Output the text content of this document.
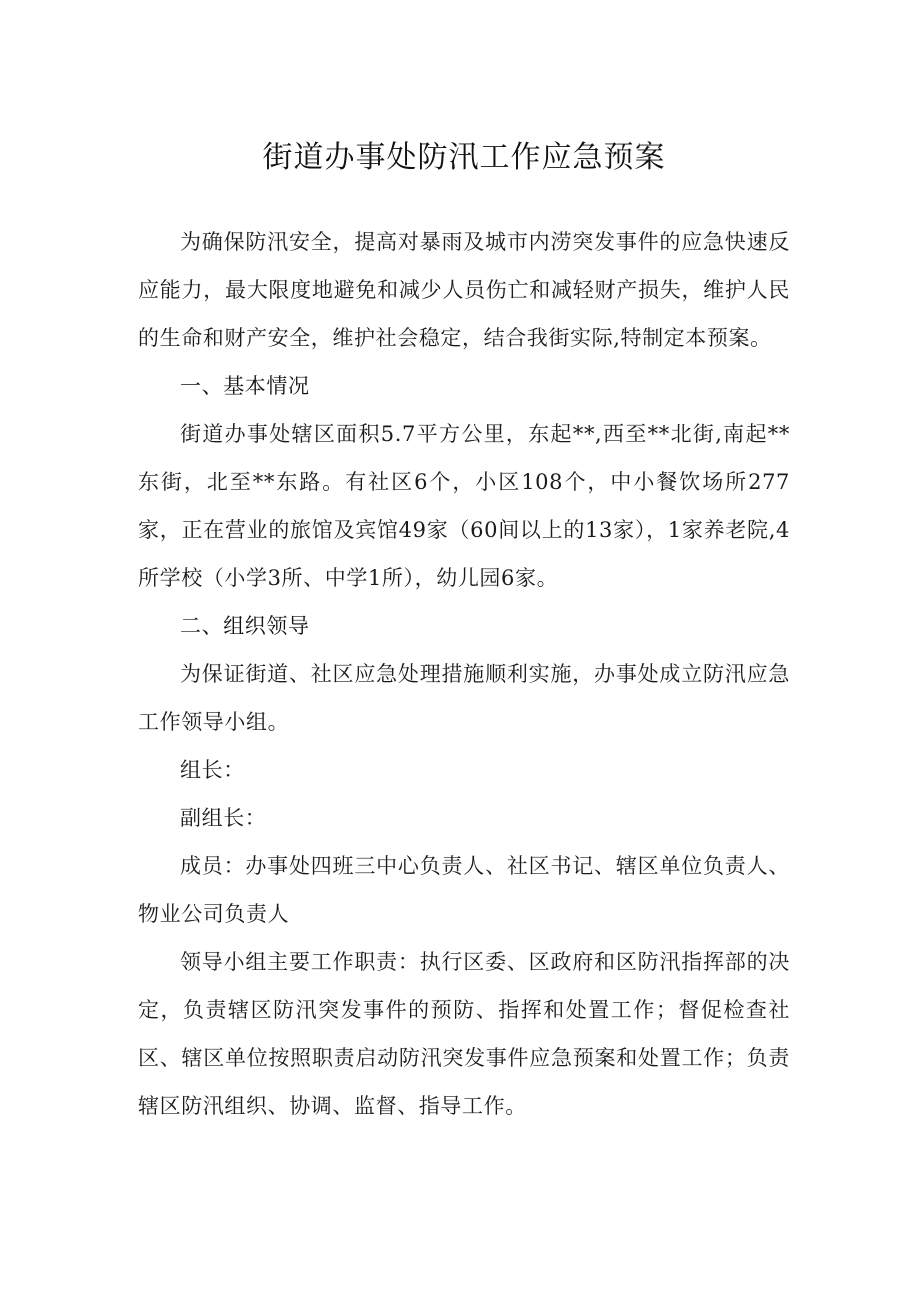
街道办事处防汛工作应急预案

为确保防汛安全，提高对暴雨及城市内涝突发事件的应急快速反应能力，最大限度地避免和减少人员伤亡和减轻财产损失，维护人民的生命和财产安全，维护社会稳定，结合我街实际,特制定本预案。

一、基本情况

街道办事处辖区面积5.7平方公里，东起**,西至**北街,南起**东街，北至**东路。有社区6个，小区108个，中小餐饮场所277家，正在营业的旅馆及宾馆49家（60间以上的13家），1家养老院,4所学校（小学3所、中学1所），幼儿园6家。

二、组织领导

为保证街道、社区应急处理措施顺利实施，办事处成立防汛应急工作领导小组。

组长：

副组长：

成员：办事处四班三中心负责人、社区书记、辖区单位负责人、物业公司负责人

领导小组主要工作职责：执行区委、区政府和区防汛指挥部的决定，负责辖区防汛突发事件的预防、指挥和处置工作；督促检查社区、辖区单位按照职责启动防汛突发事件应急预案和处置工作；负责辖区防汛组织、协调、监督、指导工作。
